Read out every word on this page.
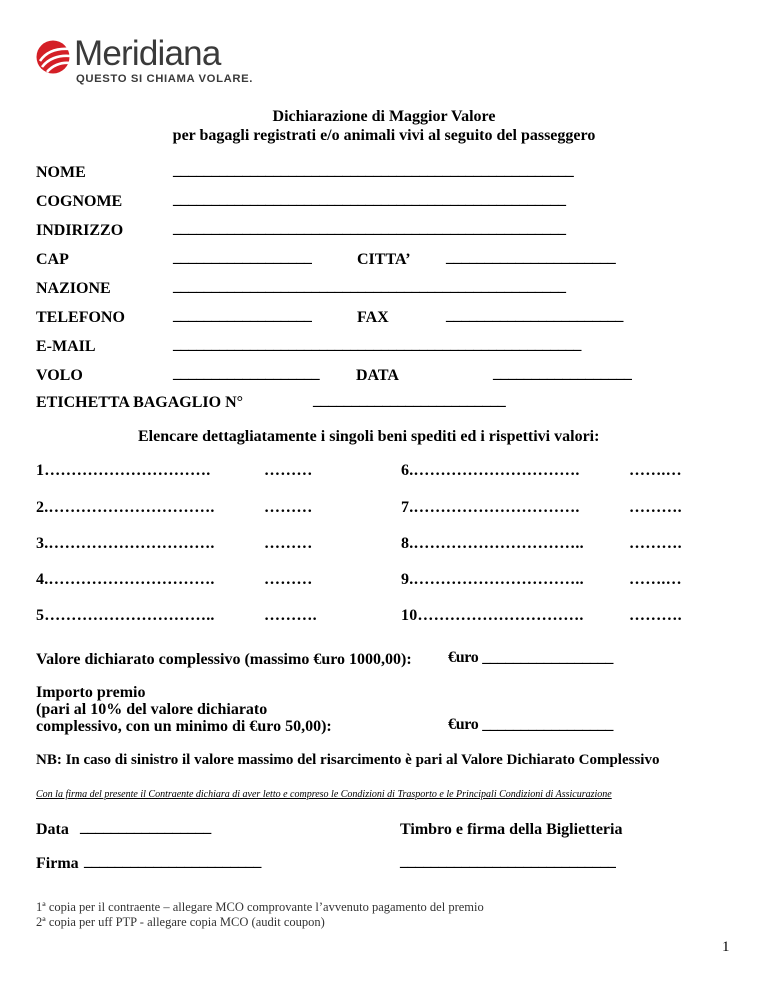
Meridiana
QUESTO SI CHIAMA VOLARE.
Dichiarazione di Maggior Valore
per bagagli registrati e/o animali vivi al seguito del passeggero
NOME	____________________________________________________
COGNOME	___________________________________________________
INDIRIZZO	___________________________________________________
CAP	__________________	CITTA’ ______________________
NAZIONE	___________________________________________________
TELEFONO	__________________	FAX	_______________________
E-MAIL	_____________________________________________________
VOLO	___________________ DATA	__________________
ETICHETTA BAGAGLIO N°	_________________________
Elencare dettagliatamente i singoli beni spediti ed i rispettivi valori:
1………………………….	………	6.………………………….	…….…
2.………………………….	………	7.………………………….	……….
3.………………………….	………	8.…………………………..	……….
4.………………………….	………	9.…………………………..	…….…
5…………………………..	……….	10………………………….	……….
Valore dichiarato complessivo (massimo €uro 1000,00): €uro _________________
Importo premio
(pari al 10% del valore dichiarato
complessivo, con un minimo di €uro 50,00):	€uro _________________
NB: In caso di sinistro il valore massimo del risarcimento è pari al Valore Dichiarato Complessivo
Con la firma del presente il Contraente dichiara di aver letto e compreso le Condizioni di Trasporto e le Principali Condizioni di Assicurazione
Data _________________	Timbro e firma della Biglietteria
Firma _______________________	____________________________
1ª copia per il contraente – allegare MCO comprovante l’avvenuto pagamento del premio
2ª copia per uff PTP - allegare copia MCO (audit coupon)
1
